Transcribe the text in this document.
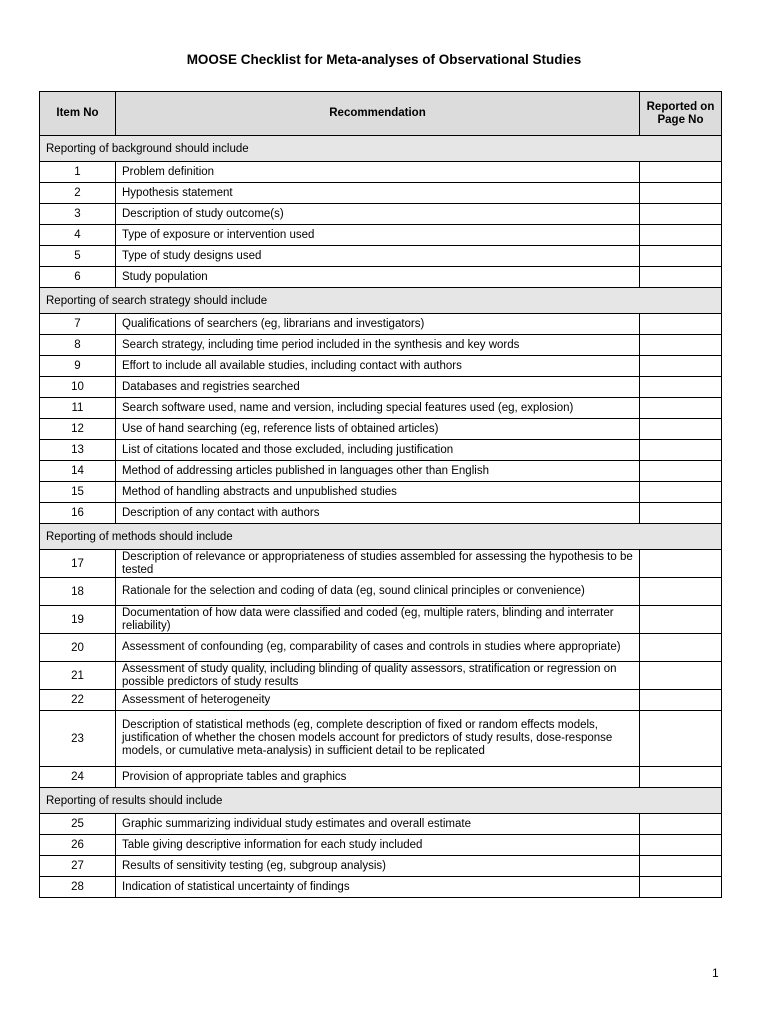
MOOSE Checklist for Meta-analyses of Observational Studies
Item No	Recommendation	Reported on Page No
Reporting of background should include		
1	Problem definition	
2	Hypothesis statement	
3	Description of study outcome(s)	
4	Type of exposure or intervention used	
5	Type of study designs used	
6	Study population	
Reporting of search strategy should include		
7	Qualifications of searchers (eg, librarians and investigators)	
8	Search strategy, including time period included in the synthesis and key words	
9	Effort to include all available studies, including contact with authors	
10	Databases and registries searched	
11	Search software used, name and version, including special features used (eg, explosion)	
12	Use of hand searching (eg, reference lists of obtained articles)	
13	List of citations located and those excluded, including justification	
14	Method of addressing articles published in languages other than English	
15	Method of handling abstracts and unpublished studies	
16	Description of any contact with authors	
Reporting of methods should include		
17	Description of relevance or appropriateness of studies assembled for assessing the hypothesis to be tested	
18	Rationale for the selection and coding of data (eg, sound clinical principles or convenience)	
19	Documentation of how data were classified and coded (eg, multiple raters, blinding and interrater reliability)	
20	Assessment of confounding (eg, comparability of cases and controls in studies where appropriate)	
21	Assessment of study quality, including blinding of quality assessors, stratification or regression on possible predictors of study results	
22	Assessment of heterogeneity	
23	Description of statistical methods (eg, complete description of fixed or random effects models, justification of whether the chosen models account for predictors of study results, dose-response models, or cumulative meta-analysis) in sufficient detail to be replicated	
24	Provision of appropriate tables and graphics	
Reporting of results should include		
25	Graphic summarizing individual study estimates and overall estimate	
26	Table giving descriptive information for each study included	
27	Results of sensitivity testing (eg, subgroup analysis)	
28	Indication of statistical uncertainty of findings	
1
